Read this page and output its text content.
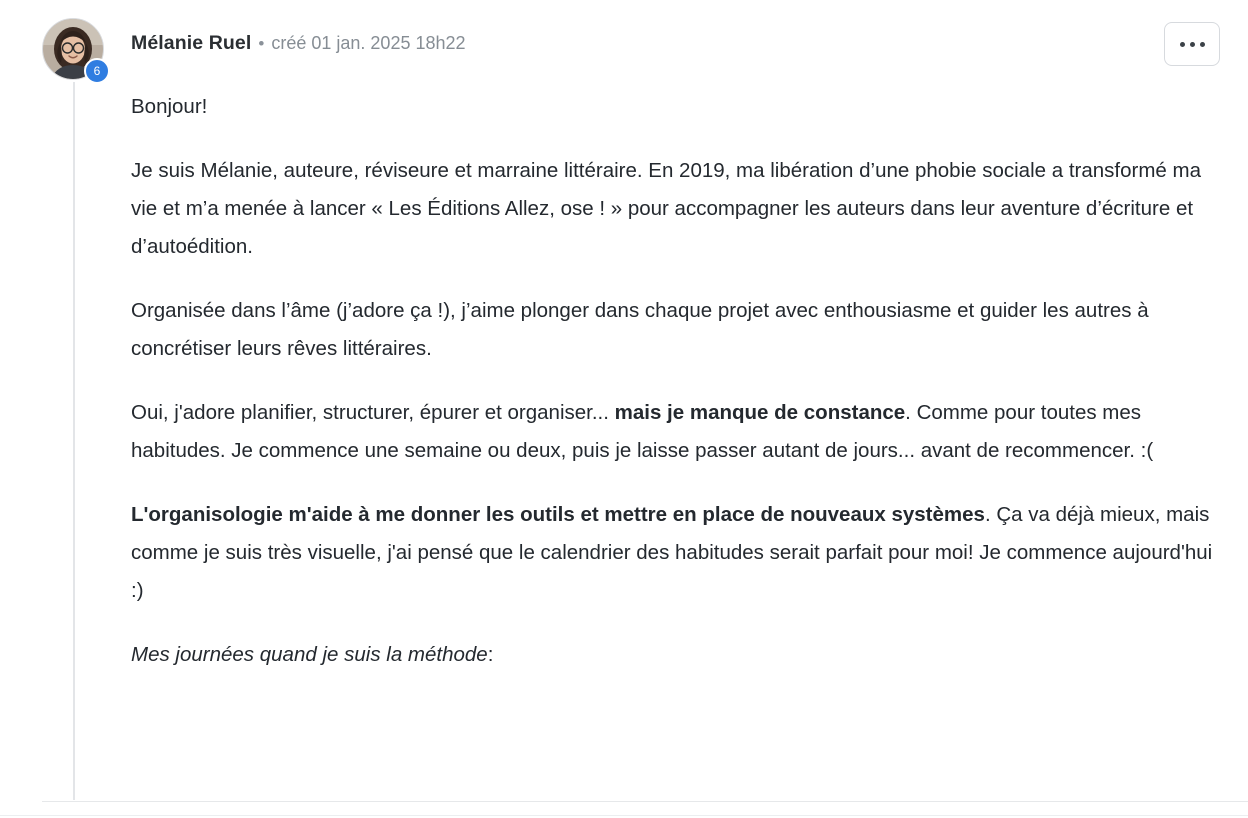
6
Mélanie Ruel • créé 01 jan. 2025 18h22

Bonjour!

Je suis Mélanie, auteure, réviseure et marraine littéraire. En 2019, ma libération d’une phobie sociale a transformé ma vie et m’a menée à lancer « Les Éditions Allez, ose ! » pour accompagner les auteurs dans leur aventure d’écriture et d’autoédition.

Organisée dans l’âme (j’adore ça !), j’aime plonger dans chaque projet avec enthousiasme et guider les autres à concrétiser leurs rêves littéraires.

Oui, j'adore planifier, structurer, épurer et organiser... mais je manque de constance. Comme pour toutes mes habitudes. Je commence une semaine ou deux, puis je laisse passer autant de jours... avant de recommencer. :(

L'organisologie m'aide à me donner les outils et mettre en place de nouveaux systèmes. Ça va déjà mieux, mais comme je suis très visuelle, j'ai pensé que le calendrier des habitudes serait parfait pour moi! Je commence aujourd'hui :)

Mes journées quand je suis la méthode:
